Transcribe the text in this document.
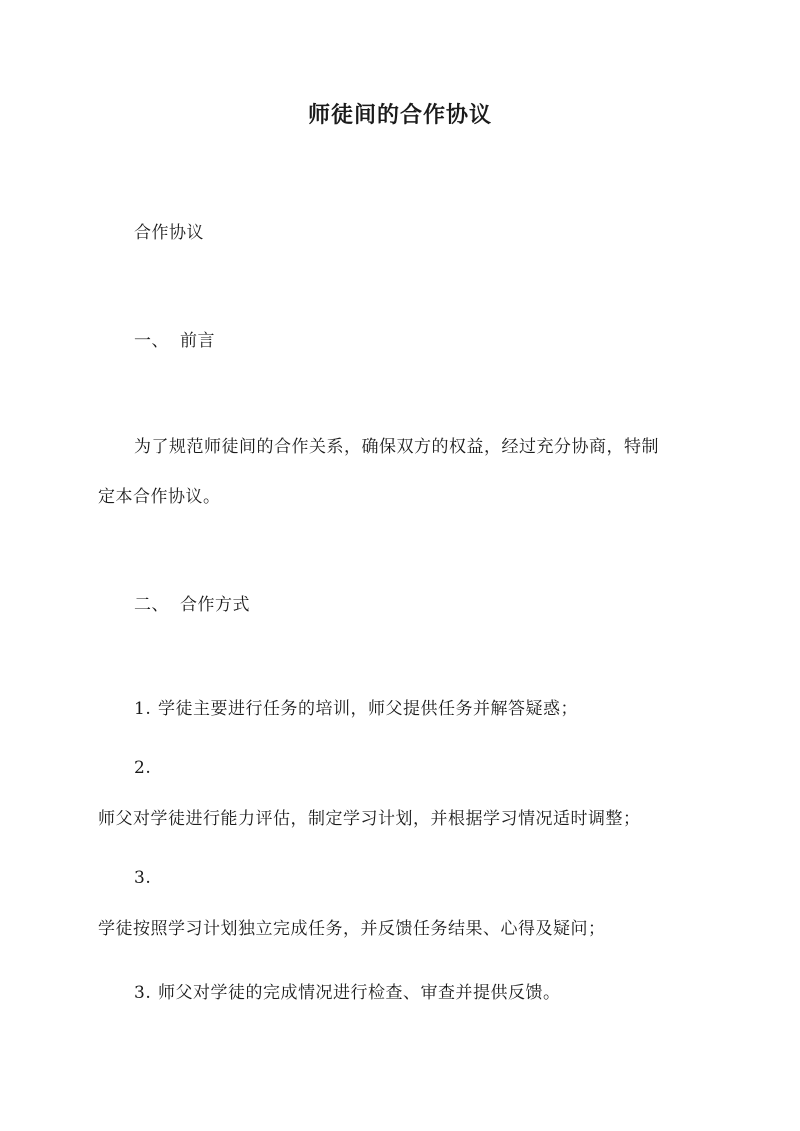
师徒间的合作协议
合作协议
一、 前言
为了规范师徒间的合作关系，确保双方的权益，经过充分协商，特制
定本合作协议。
二、 合作方式
1. 学徒主要进行任务的培训，师父提供任务并解答疑惑；
2.
师父对学徒进行能力评估，制定学习计划，并根据学习情况适时调整；
3.
学徒按照学习计划独立完成任务，并反馈任务结果、心得及疑问；
3. 师父对学徒的完成情况进行检查、审查并提供反馈。
